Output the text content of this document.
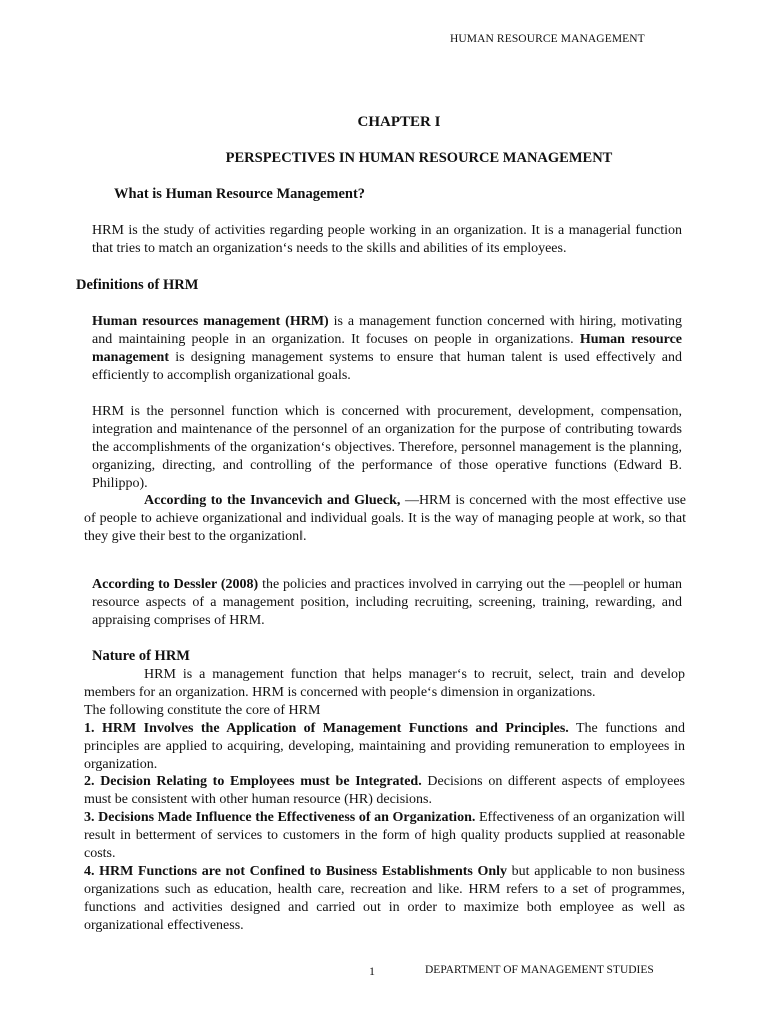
HUMAN RESOURCE MANAGEMENT
CHAPTER I
PERSPECTIVES IN HUMAN RESOURCE MANAGEMENT
What is Human Resource Management?
HRM is the study of activities regarding people working in an organization. It is a managerial function that tries to match an organization‘s needs to the skills and abilities of its employees.
Definitions of HRM
Human resources management (HRM) is a management function concerned with hiring, motivating and maintaining people in an organization. It focuses on people in organizations. Human resource management is designing management systems to ensure that human talent is used effectively and efficiently to accomplish organizational goals.
HRM is the personnel function which is concerned with procurement, development, compensation, integration and maintenance of the personnel of an organization for the purpose of contributing towards the accomplishments of the organization‘s objectives. Therefore, personnel management is the planning, organizing, directing, and controlling of the performance of those operative functions (Edward B. Philippo).
According to the Invancevich and Glueck, ―HRM is concerned with the most effective use of people to achieve organizational and individual goals. It is the way of managing people at work, so that they give their best to the organization‖.
According to Dessler (2008) the policies and practices involved in carrying out the ―people‖ or human resource aspects of a management position, including recruiting, screening, training, rewarding, and appraising comprises of HRM.
Nature of HRM
HRM is a management function that helps manager‘s to recruit, select, train and develop members for an organization. HRM is concerned with people‘s dimension in organizations.
The following constitute the core of HRM
1. HRM Involves the Application of Management Functions and Principles. The functions and principles are applied to acquiring, developing, maintaining and providing remuneration to employees in organization.
2. Decision Relating to Employees must be Integrated. Decisions on different aspects of employees must be consistent with other human resource (HR) decisions.
3. Decisions Made Influence the Effectiveness of an Organization. Effectiveness of an organization will result in betterment of services to customers in the form of high quality products supplied at reasonable costs.
4. HRM Functions are not Confined to Business Establishments Only but applicable to non business organizations such as education, health care, recreation and like. HRM refers to a set of programmes, functions and activities designed and carried out in order to maximize both employee as well as organizational effectiveness.
1	DEPARTMENT OF MANAGEMENT STUDIES
